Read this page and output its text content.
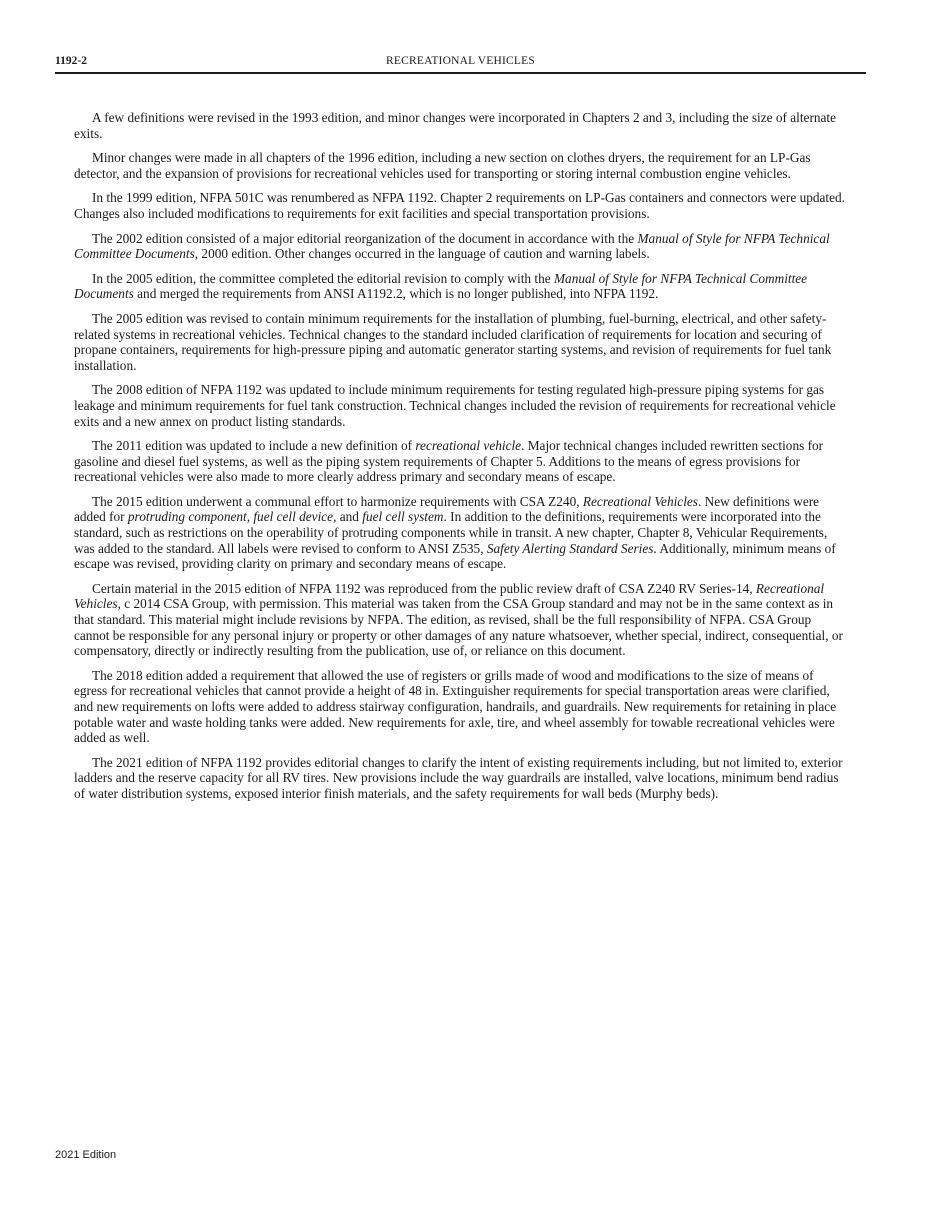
1192-2	RECREATIONAL VEHICLES

A few definitions were revised in the 1993 edition, and minor changes were incorporated in Chapters 2 and 3, including the size of alternate exits.

Minor changes were made in all chapters of the 1996 edition, including a new section on clothes dryers, the requirement for an LP-Gas detector, and the expansion of provisions for recreational vehicles used for transporting or storing internal combustion engine vehicles.

In the 1999 edition, NFPA 501C was renumbered as NFPA 1192. Chapter 2 requirements on LP-Gas containers and connectors were updated. Changes also included modifications to requirements for exit facilities and special transportation provisions.

The 2002 edition consisted of a major editorial reorganization of the document in accordance with the Manual of Style for NFPA Technical Committee Documents, 2000 edition. Other changes occurred in the language of caution and warning labels.

In the 2005 edition, the committee completed the editorial revision to comply with the Manual of Style for NFPA Technical Committee Documents and merged the requirements from ANSI A1192.2, which is no longer published, into NFPA 1192.

The 2005 edition was revised to contain minimum requirements for the installation of plumbing, fuel-burning, electrical, and other safety-related systems in recreational vehicles. Technical changes to the standard included clarification of requirements for location and securing of propane containers, requirements for high-pressure piping and automatic generator starting systems, and revision of requirements for fuel tank installation.

The 2008 edition of NFPA 1192 was updated to include minimum requirements for testing regulated high-pressure piping systems for gas leakage and minimum requirements for fuel tank construction. Technical changes included the revision of requirements for recreational vehicle exits and a new annex on product listing standards.

The 2011 edition was updated to include a new definition of recreational vehicle. Major technical changes included rewritten sections for gasoline and diesel fuel systems, as well as the piping system requirements of Chapter 5. Additions to the means of egress provisions for recreational vehicles were also made to more clearly address primary and secondary means of escape.

The 2015 edition underwent a communal effort to harmonize requirements with CSA Z240, Recreational Vehicles. New definitions were added for protruding component, fuel cell device, and fuel cell system. In addition to the definitions, requirements were incorporated into the standard, such as restrictions on the operability of protruding components while in transit. A new chapter, Chapter 8, Vehicular Requirements, was added to the standard. All labels were revised to conform to ANSI Z535, Safety Alerting Standard Series. Additionally, minimum means of escape was revised, providing clarity on primary and secondary means of escape.

Certain material in the 2015 edition of NFPA 1192 was reproduced from the public review draft of CSA Z240 RV Series-14, Recreational Vehicles, c 2014 CSA Group, with permission. This material was taken from the CSA Group standard and may not be in the same context as in that standard. This material might include revisions by NFPA. The edition, as revised, shall be the full responsibility of NFPA. CSA Group cannot be responsible for any personal injury or property or other damages of any nature whatsoever, whether special, indirect, consequential, or compensatory, directly or indirectly resulting from the publication, use of, or reliance on this document.

The 2018 edition added a requirement that allowed the use of registers or grills made of wood and modifications to the size of means of egress for recreational vehicles that cannot provide a height of 48 in. Extinguisher requirements for special transportation areas were clarified, and new requirements on lofts were added to address stairway configuration, handrails, and guardrails. New requirements for retaining in place potable water and waste holding tanks were added. New requirements for axle, tire, and wheel assembly for towable recreational vehicles were added as well.

The 2021 edition of NFPA 1192 provides editorial changes to clarify the intent of existing requirements including, but not limited to, exterior ladders and the reserve capacity for all RV tires. New provisions include the way guardrails are installed, valve locations, minimum bend radius of water distribution systems, exposed interior finish materials, and the safety requirements for wall beds (Murphy beds).

2021 Edition
